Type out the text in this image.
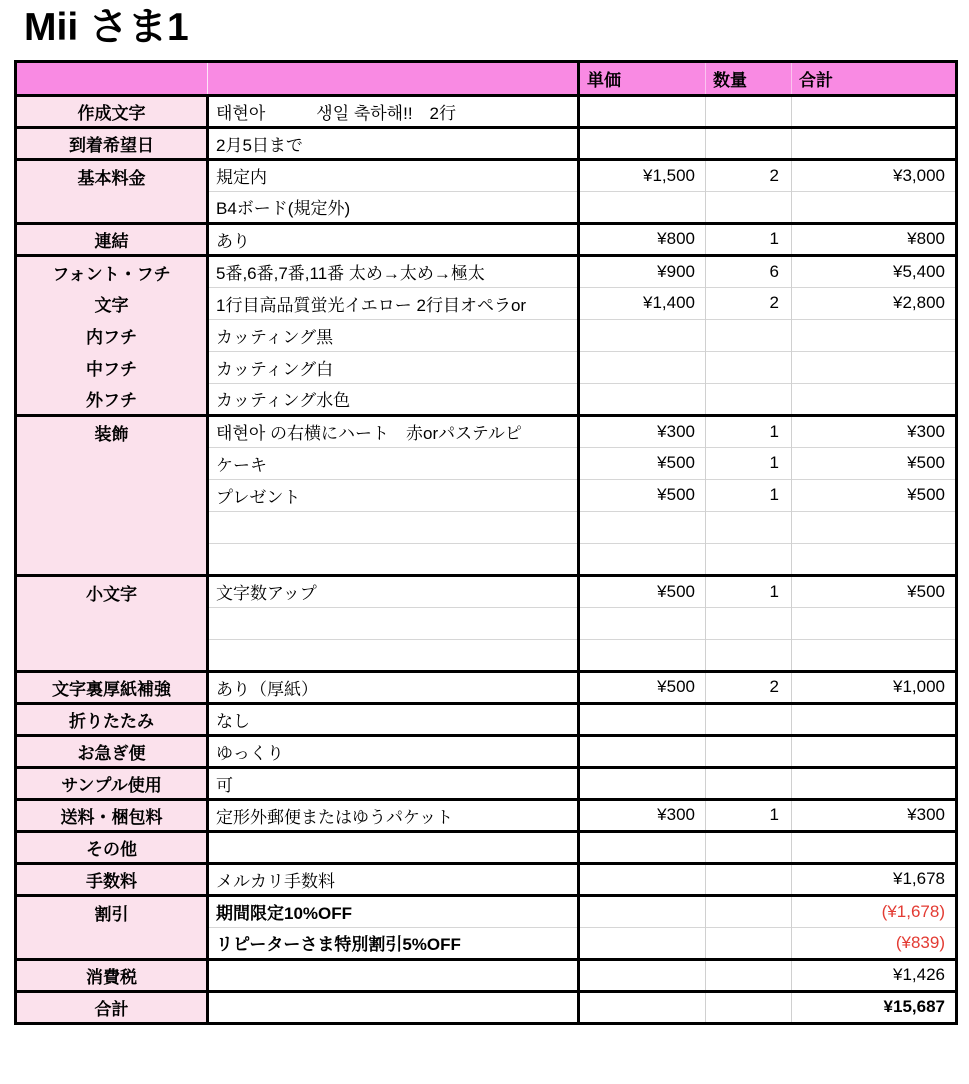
Mii さま1
		単価	数量	合計
作成文字	태현아　　　생일 축하해!!　2行			
到着希望日	2月5日まで			
基本料金	規定内	¥1,500	2	¥3,000
	B4ボード(規定外)			
連結	あり	¥800	1	¥800
フォント・フチ	5番,6番,7番,11番 太め→太め→極太	¥900	6	¥5,400
文字	1行目高品質蛍光イエロー 2行目オペラor	¥1,400	2	¥2,800
内フチ	カッティング黒			
中フチ	カッティング白			
外フチ	カッティング水色			
装飾	태현아 の右横にハート　赤orパステルピ	¥300	1	¥300
	ケーキ	¥500	1	¥500
	プレゼント	¥500	1	¥500

小文字	文字数アップ	¥500	1	¥500

文字裏厚紙補強	あり（厚紙）	¥500	2	¥1,000
折りたたみ	なし			
お急ぎ便	ゆっくり			
サンプル使用	可			
送料・梱包料	定形外郵便またはゆうパケット	¥300	1	¥300
その他				
手数料	メルカリ手数料			¥1,678
割引	期間限定10%OFF			(¥1,678)
	リピーターさま特別割引5%OFF			(¥839)
消費税				¥1,426
合計				¥15,687
